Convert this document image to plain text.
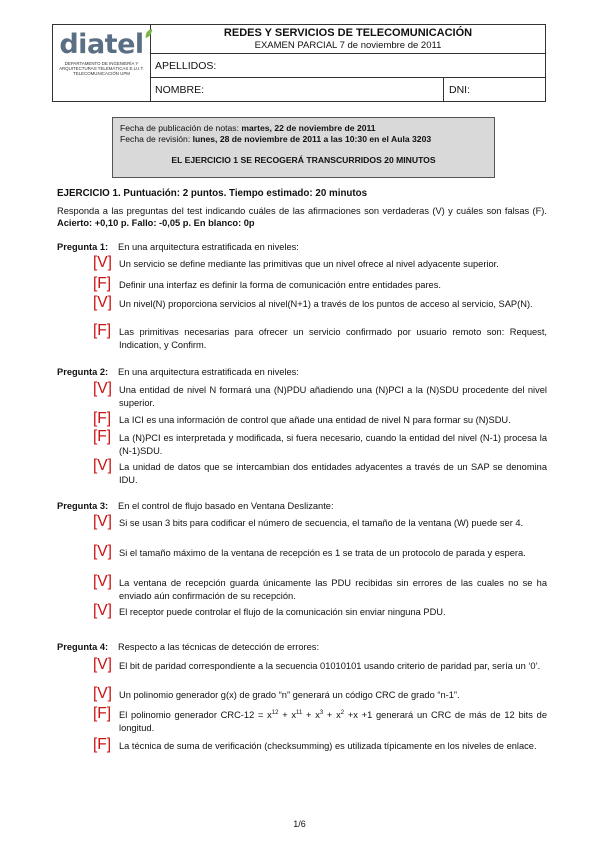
diatel
DEPARTAMENTO DE INGENIERÍA Y ARQUITECTURAS TELEMÁTICAS E.U.I.T. TELECOMUNICACIÓN UPM
REDES Y SERVICIOS DE TELECOMUNICACIÓN
EXAMEN PARCIAL 7 de noviembre de 2011
APELLIDOS:
NOMBRE:	DNI:
Fecha de publicación de notas: martes, 22 de noviembre de 2011
Fecha de revisión: lunes, 28 de noviembre de 2011 a las 10:30 en el Aula 3203
EL EJERCICIO 1 SE RECOGERÁ TRANSCURRIDOS 20 MINUTOS
EJERCICIO 1. Puntuación: 2 puntos. Tiempo estimado: 20 minutos
Responda a las preguntas del test indicando cuáles de las afirmaciones son verdaderas (V) y cuáles son falsas (F). Acierto: +0,10 p. Fallo: -0,05 p. En blanco: 0p
Pregunta 1: En una arquitectura estratificada en niveles:
[V] Un servicio se define mediante las primitivas que un nivel ofrece al nivel adyacente superior.
[F] Definir una interfaz es definir la forma de comunicación entre entidades pares.
[V] Un nivel(N) proporciona servicios al nivel(N+1) a través de los puntos de acceso al servicio, SAP(N).
[F] Las primitivas necesarias para ofrecer un servicio confirmado por usuario remoto son: Request, Indication, y Confirm.
Pregunta 2: En una arquitectura estratificada en niveles:
[V] Una entidad de nivel N formará una (N)PDU añadiendo una (N)PCI a la (N)SDU procedente del nivel superior.
[F] La ICI es una información de control que añade una entidad de nivel N para formar su (N)SDU.
[F] La (N)PCI es interpretada y modificada, si fuera necesario, cuando la entidad del nivel (N-1) procesa la (N-1)SDU.
[V] La unidad de datos que se intercambian dos entidades adyacentes a través de un SAP se denomina IDU.
Pregunta 3: En el control de flujo basado en Ventana Deslizante:
[V] Si se usan 3 bits para codificar el número de secuencia, el tamaño de la ventana (W) puede ser 4.
[V] Si el tamaño máximo de la ventana de recepción es 1 se trata de un protocolo de parada y espera.
[V] La ventana de recepción guarda únicamente las PDU recibidas sin errores de las cuales no se ha enviado aún confirmación de su recepción.
[V] El receptor puede controlar el flujo de la comunicación sin enviar ninguna PDU.
Pregunta 4: Respecto a las técnicas de detección de errores:
[V] El bit de paridad correspondiente a la secuencia 01010101 usando criterio de paridad par, sería un ‘0’.
[V] Un polinomio generador g(x) de grado “n” generará un código CRC de grado “n-1”.
[F] El polinomio generador $CRC-12 = x^{12} + x^{11} + x^3 + x^2 +x +1$ generará un CRC de más de 12 bits de longitud.
[F] La técnica de suma de verificación (checksumming) es utilizada típicamente en los niveles de enlace.
1/6
